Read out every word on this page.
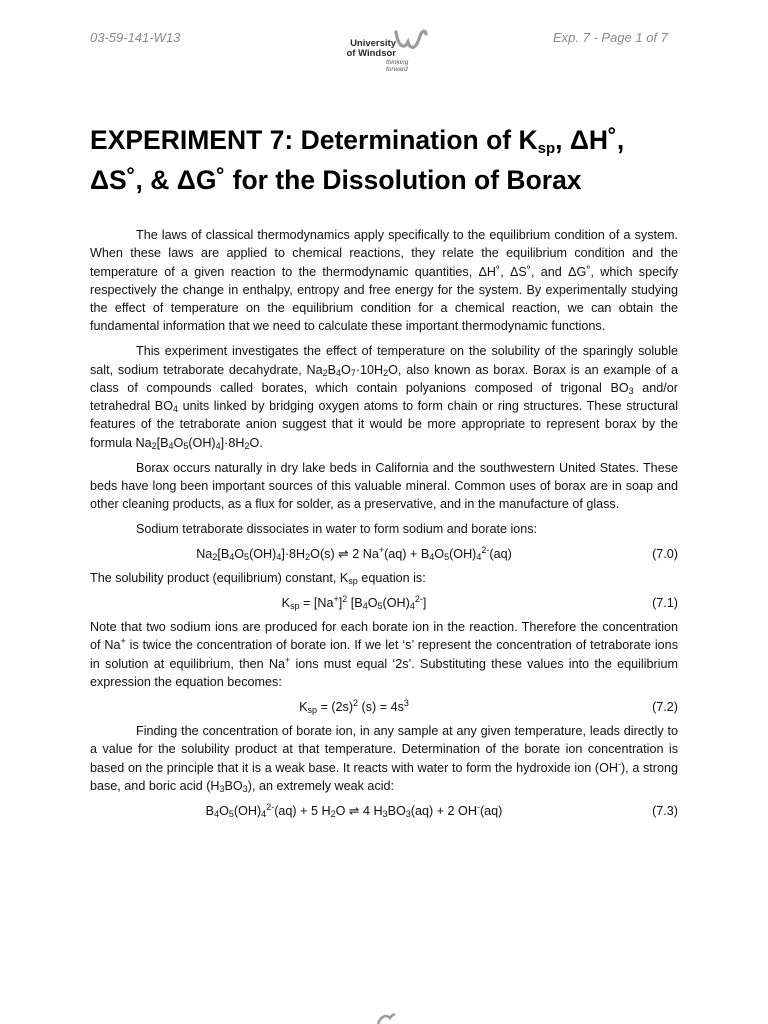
03-59-141-W13	Exp. 7 - Page 1 of 7
University
of Windsor
thinking forward
EXPERIMENT 7: Determination of $K_{sp}$, ΔH˚,
ΔS˚, & ΔG˚ for the Dissolution of Borax

The laws of classical thermodynamics apply specifically to the equilibrium condition of a system. When these laws are applied to chemical reactions, they relate the equilibrium condition and the temperature of a given reaction to the thermodynamic quantities, ΔH˚, ΔS˚, and ΔG˚, which specify respectively the change in enthalpy, entropy and free energy for the system. By experimentally studying the effect of temperature on the equilibrium condition for a chemical reaction, we can obtain the fundamental information that we need to calculate these important thermodynamic functions.

This experiment investigates the effect of temperature on the solubility of the sparingly soluble salt, sodium tetraborate decahydrate, $Na_2B_4O_7\cdot 10H_2O$, also known as borax. Borax is an example of a class of compounds called borates, which contain polyanions composed of trigonal $BO_3$ and/or tetrahedral $BO_4$ units linked by bridging oxygen atoms to form chain or ring structures. These structural features of the tetraborate anion suggest that it would be more appropriate to represent borax by the formula $Na_2[B_4O_5(OH)_4]\cdot 8H_2O$.

Borax occurs naturally in dry lake beds in California and the southwestern United States. These beds have long been important sources of this valuable mineral. Common uses of borax are in soap and other cleaning products, as a flux for solder, as a preservative, and in the manufacture of glass.

Sodium tetraborate dissociates in water to form sodium and borate ions:

$Na_2[B_4O_5(OH)_4]\cdot 8H_2O(s)$ ⇌ 2 $Na^+(aq) + B_4O_5(OH)_4^{2-}(aq)$	(7.0)

The solubility product (equilibrium) constant, $K_{sp}$ equation is:

$K_{sp} = [Na^+]^2$ $[B_4O_5(OH)_4^{2-}]$	(7.1)

Note that two sodium ions are produced for each borate ion in the reaction. Therefore the concentration of Na+ is twice the concentration of borate ion. If we let ‘s’ represent the concentration of tetraborate ions in solution at equilibrium, then Na+ ions must equal ‘2s’. Substituting these values into the equilibrium expression the equation becomes:

$K_{sp} = (2s)^2$ $(s) = 4s^3$	(7.2)

Finding the concentration of borate ion, in any sample at any given temperature, leads directly to a value for the solubility product at that temperature. Determination of the borate ion concentration is based on the principle that it is a weak base. It reacts with water to form the hydroxide ion (OH-), a strong base, and boric acid $(H_3BO_3)$, an extremely weak acid:

$B_4O_5(OH)_4^{2-}(aq) + 5$ $H_2O$ ⇌ 4 $H_3BO_3(aq) + 2$ OH-(aq)	(7.3)
